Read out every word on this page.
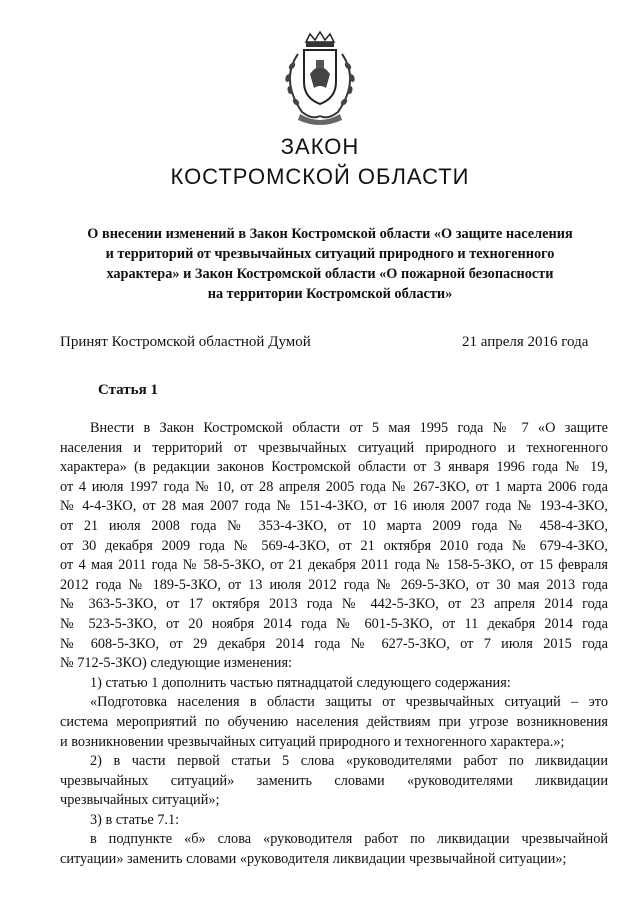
ЗАКОН
КОСТРОМСКОЙ ОБЛАСТИ
О внесении изменений в Закон Костромской области «О защите населения
и территорий от чрезвычайных ситуаций природного и техногенного
характера» и Закон Костромской области «О пожарной безопасности
на территории Костромской области»
Принят Костромской областной Думой	21 апреля 2016 года
Статья 1
Внести в Закон Костромской области от 5 мая 1995 года № 7 «О защите
населения и территорий от чрезвычайных ситуаций природного и техногенного
характера» (в редакции законов Костромской области от 3 января 1996 года № 19,
от 4 июля 1997 года № 10, от 28 апреля 2005 года № 267-ЗКО, от 1 марта 2006 года
№ 4-4-ЗКО, от 28 мая 2007 года № 151-4-ЗКО, от 16 июля 2007 года № 193-4-ЗКО,
от 21 июля 2008 года № 353-4-ЗКО, от 10 марта 2009 года № 458-4-ЗКО,
от 30 декабря 2009 года № 569-4-ЗКО, от 21 октября 2010 года № 679-4-ЗКО,
от 4 мая 2011 года № 58-5-ЗКО, от 21 декабря 2011 года № 158-5-ЗКО, от 15 февраля
2012 года № 189-5-ЗКО, от 13 июля 2012 года № 269-5-ЗКО, от 30 мая 2013 года
№ 363-5-ЗКО, от 17 октября 2013 года № 442-5-ЗКО, от 23 апреля 2014 года
№ 523-5-ЗКО, от 20 ноября 2014 года № 601-5-ЗКО, от 11 декабря 2014 года
№ 608-5-ЗКО, от 29 декабря 2014 года № 627-5-ЗКО, от 7 июля 2015 года
№ 712-5-ЗКО) следующие изменения:
1) статью 1 дополнить частью пятнадцатой следующего содержания:
«Подготовка населения в области защиты от чрезвычайных ситуаций – это
система мероприятий по обучению населения действиям при угрозе возникновения
и возникновении чрезвычайных ситуаций природного и техногенного характера.»;
2) в части первой статьи 5 слова «руководителями работ по ликвидации
чрезвычайных ситуаций» заменить словами «руководителями ликвидации
чрезвычайных ситуаций»;
3) в статье 7.1:
в подпункте «б» слова «руководителя работ по ликвидации чрезвычайной
ситуации» заменить словами «руководителя ликвидации чрезвычайной ситуации»;
